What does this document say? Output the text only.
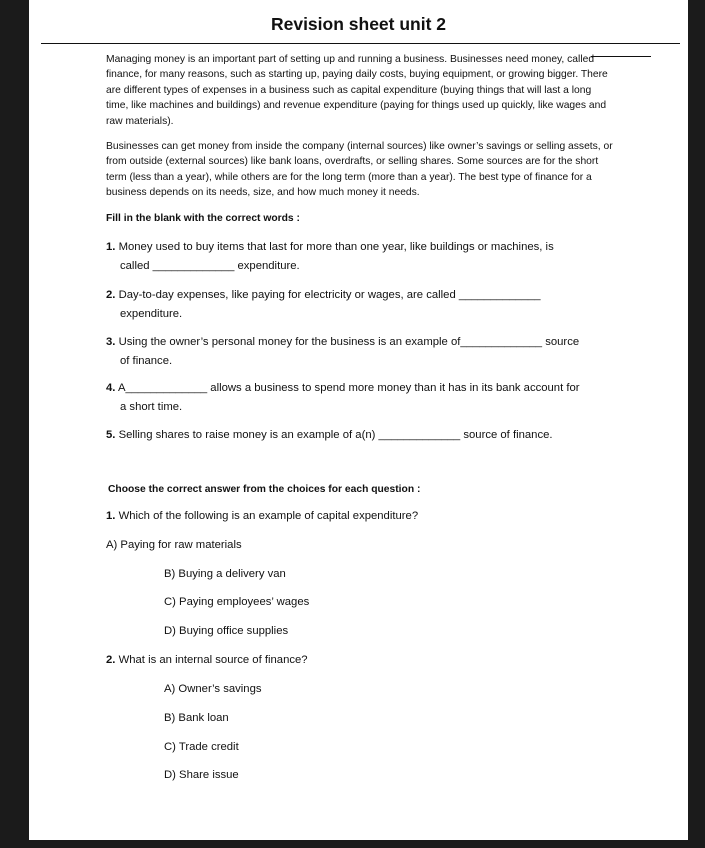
Revision sheet unit 2

Managing money is an important part of setting up and running a business. Businesses need money, called finance, for many reasons, such as starting up, paying daily costs, buying equipment, or growing bigger. There are different types of expenses in a business such as capital expenditure (buying things that will last a long time, like machines and buildings) and revenue expenditure (paying for things used up quickly, like wages and raw materials).

Businesses can get money from inside the company (internal sources) like owner’s savings or selling assets, or from outside (external sources) like bank loans, overdrafts, or selling shares. Some sources are for the short term (less than a year), while others are for the long term (more than a year). The best type of finance for a business depends on its needs, size, and how much money it needs.

Fill in the blank with the correct words :

1. Money used to buy items that last for more than one year, like buildings or machines, is
called _____________ expenditure.
2. Day-to-day expenses, like paying for electricity or wages, are called _____________
expenditure.
3. Using the owner’s personal money for the business is an example of_____________ source
of finance.
4. A_____________ allows a business to spend more money than it has in its bank account for
a short time.
5. Selling shares to raise money is an example of a(n) _____________ source of finance.

Choose the correct answer from the choices for each question :

1. Which of the following is an example of capital expenditure?

A) Paying for raw materials

B) Buying a delivery van

C) Paying employees’ wages

D) Buying office supplies

2. What is an internal source of finance?

A) Owner’s savings

B) Bank loan

C) Trade credit

D) Share issue
